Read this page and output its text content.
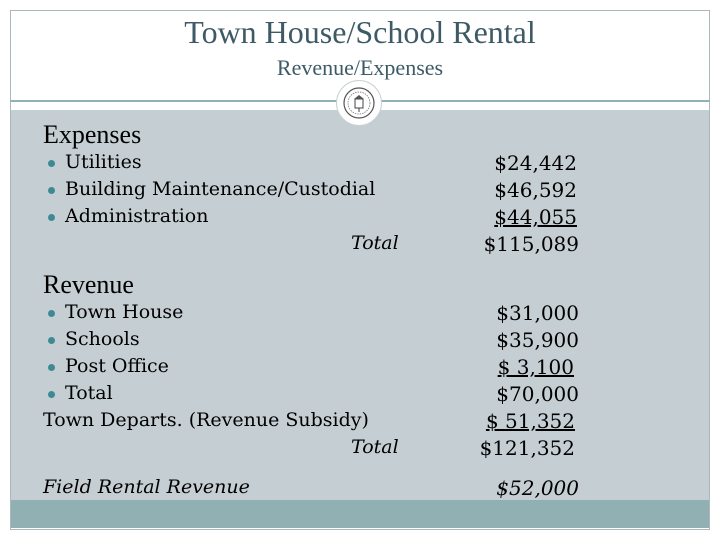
Town House/School Rental
Revenue/Expenses
Expenses
Utilities	$24,442
Building Maintenance/Custodial	$46,592
Administration	$44,055
Total	$115,089
Revenue
Town House	$31,000
Schools	$35,900
Post Office	$ 3,100
Total	$70,000
Town Departs. (Revenue Subsidy)	$ 51,352
Total	$121,352
Field Rental Revenue	$52,000
